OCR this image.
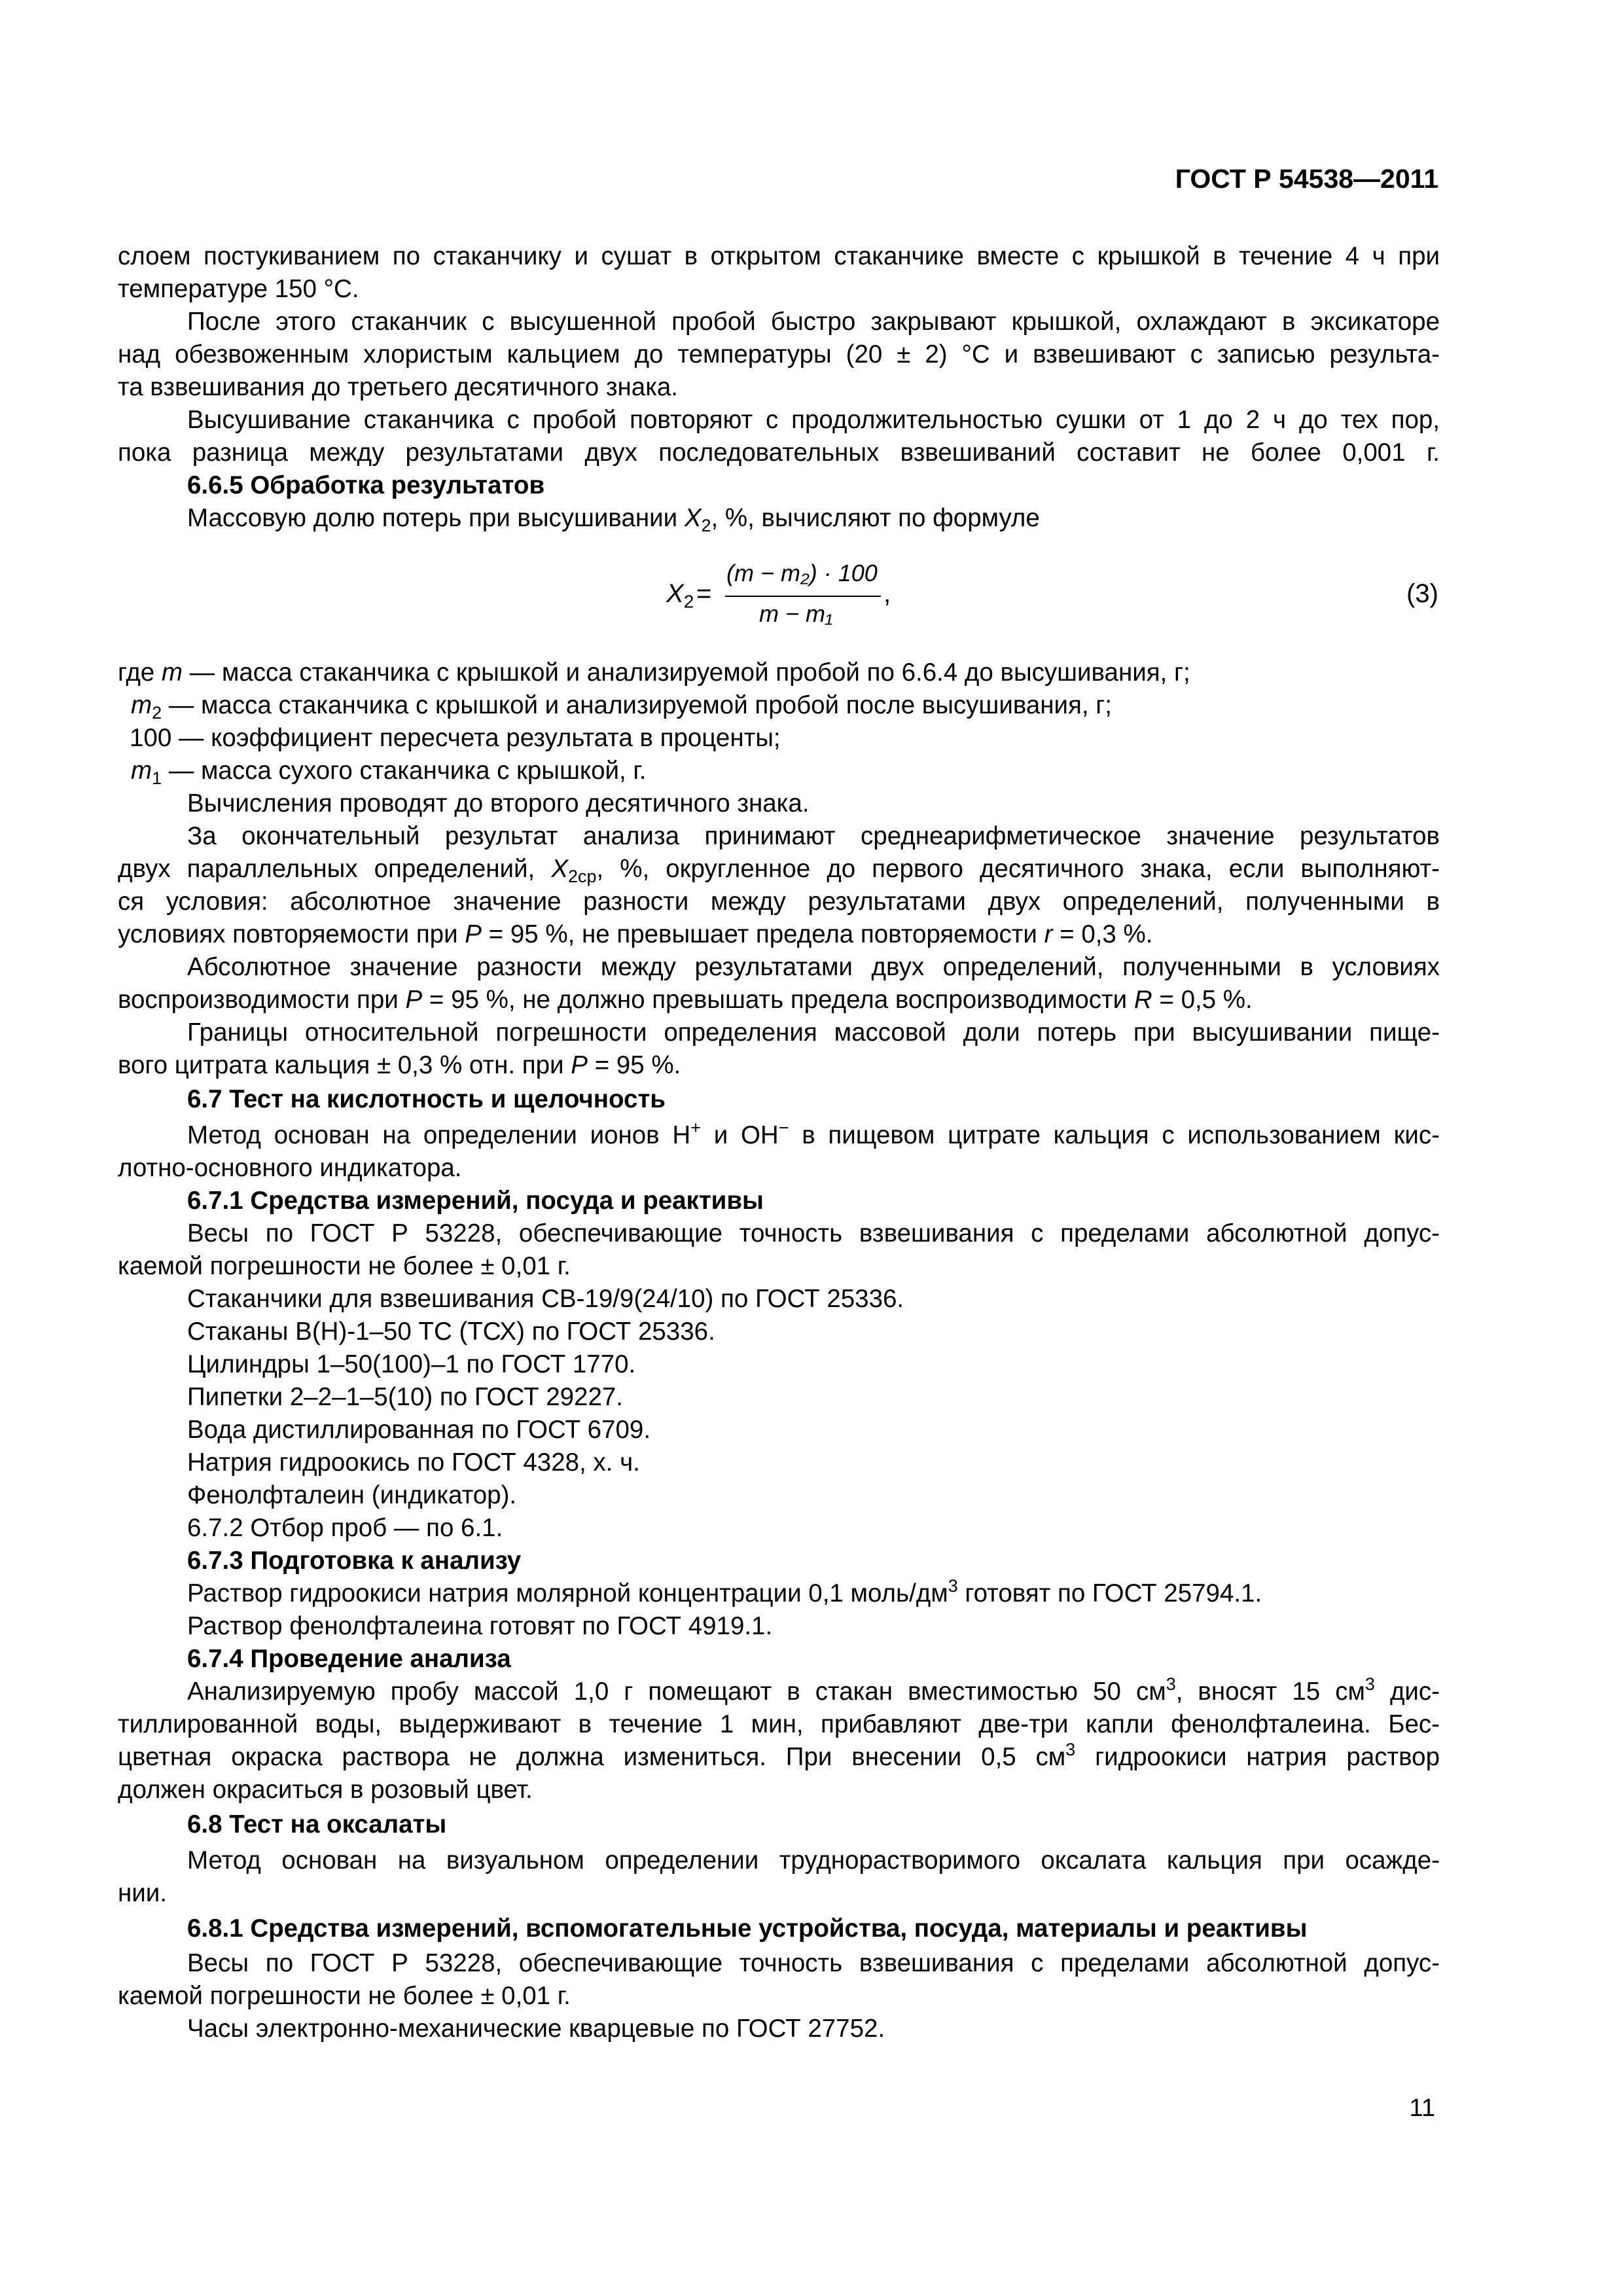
ГОСТ Р 54538—2011
слоем постукиванием по стаканчику и сушат в открытом стаканчике вместе с крышкой в течение 4 ч при
температуре 150 °С.
После этого стаканчик с высушенной пробой быстро закрывают крышкой, охлаждают в эксикаторе
над обезвоженным хлористым кальцием до температуры (20 ± 2) °С и взвешивают с записью результа-
та взвешивания до третьего десятичного знака.
Высушивание стаканчика с пробой повторяют с продолжительностью сушки от 1 до 2 ч до тех пор,
пока разница между результатами двух последовательных взвешиваний составит не более 0,001 г.
6.6.5 Обработка результатов
Массовую долю потерь при высушивании $X_2$, %, вычисляют по формуле
$X_2$ =
(m − m₂) · 100
m − m₁
,	(3)
где m — масса стаканчика с крышкой и анализируемой пробой по 6.6.4 до высушивания, г;
$m_2$ — масса стаканчика с крышкой и анализируемой пробой после высушивания, г;
100 — коэффициент пересчета результата в проценты;
$m_1$ — масса сухого стаканчика с крышкой, г.
Вычисления проводят до второго десятичного знака.
За окончательный результат анализа принимают среднеарифметическое значение результатов
двух параллельных определений, $X_{2ср}$, %, округленное до первого десятичного знака, если выполняют-
ся условия: абсолютное значение разности между результатами двух определений, полученными в
условиях повторяемости при P = 95 %, не превышает предела повторяемости r = 0,3 %.
Абсолютное значение разности между результатами двух определений, полученными в условиях
воспроизводимости при P = 95 %, не должно превышать предела воспроизводимости R = 0,5 %.
Границы относительной погрешности определения массовой доли потерь при высушивании пище-
вого цитрата кальция ± 0,3 % отн. при P = 95 %.
6.7 Тест на кислотность и щелочность
Метод основан на определении ионов Н+ и ОН− в пищевом цитрате кальция с использованием кис-
лотно-основного индикатора.
6.7.1 Средства измерений, посуда и реактивы
Весы по ГОСТ Р 53228, обеспечивающие точность взвешивания с пределами абсолютной допус-
каемой погрешности не более ± 0,01 г.
Стаканчики для взвешивания СВ-19/9(24/10) по ГОСТ 25336.
Стаканы В(Н)-1–50 ТС (ТСХ) по ГОСТ 25336.
Цилиндры 1–50(100)–1 по ГОСТ 1770.
Пипетки 2–2–1–5(10) по ГОСТ 29227.
Вода дистиллированная по ГОСТ 6709.
Натрия гидроокись по ГОСТ 4328, х. ч.
Фенолфталеин (индикатор).
6.7.2 Отбор проб — по 6.1.
6.7.3 Подготовка к анализу
Раствор гидроокиси натрия молярной концентрации 0,1 моль/$дм^3$ готовят по ГОСТ 25794.1.
Раствор фенолфталеина готовят по ГОСТ 4919.1.
6.7.4 Проведение анализа
Анализируемую пробу массой 1,0 г помещают в стакан вместимостью 50 $см^3$, вносят 15 $см^3$ дис-
тиллированной воды, выдерживают в течение 1 мин, прибавляют две-три капли фенолфталеина. Бес-
цветная окраска раствора не должна измениться. При внесении 0,5 $см^3$ гидроокиси натрия раствор
должен окраситься в розовый цвет.
6.8 Тест на оксалаты
Метод основан на визуальном определении труднорастворимого оксалата кальция при осажде-
нии.
6.8.1 Средства измерений, вспомогательные устройства, посуда, материалы и реактивы
Весы по ГОСТ Р 53228, обеспечивающие точность взвешивания с пределами абсолютной допус-
каемой погрешности не более ± 0,01 г.
Часы электронно-механические кварцевые по ГОСТ 27752.
11
